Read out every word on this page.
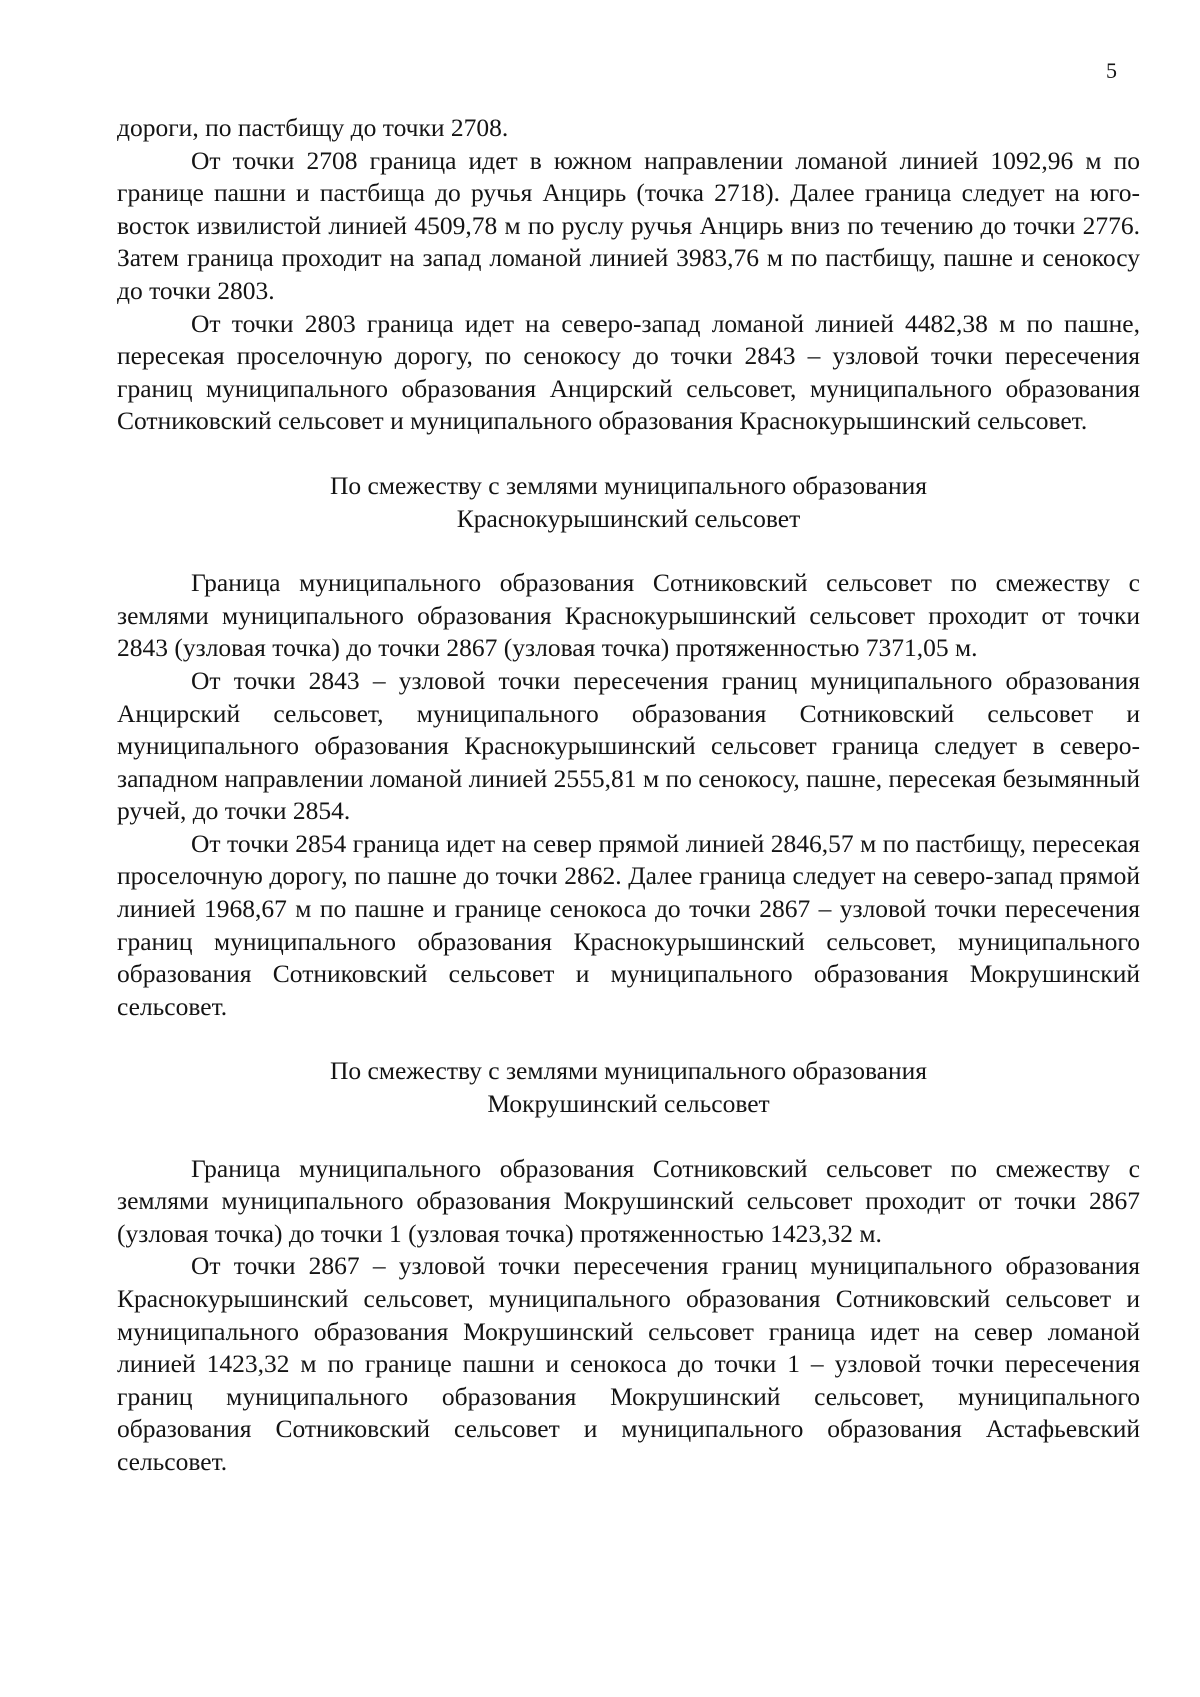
5

дороги, по пастбищу до точки 2708.

От точки 2708 граница идет в южном направлении ломаной линией 1092,96 м по границе пашни и пастбища до ручья Анцирь (точка 2718). Далее граница следует на юго-восток извилистой линией 4509,78 м по руслу ручья Анцирь вниз по течению до точки 2776. Затем граница проходит на запад ломаной линией 3983,76 м по пастбищу, пашне и сенокосу до точки 2803.

От точки 2803 граница идет на северо-запад ломаной линией 4482,38 м по пашне, пересекая проселочную дорогу, по сенокосу до точки 2843 – узловой точки пересечения границ муниципального образования Анцирский сельсовет, муниципального образования Сотниковский сельсовет и муниципального образования Краснокурышинский сельсовет.

По смежеству с землями муниципального образования
Краснокурышинский сельсовет

Граница муниципального образования Сотниковский сельсовет по смежеству с землями муниципального образования Краснокурышинский сельсовет проходит от точки 2843 (узловая точка) до точки 2867 (узловая точка) протяженностью 7371,05 м.

От точки 2843 – узловой точки пересечения границ муниципального образования Анцирский сельсовет, муниципального образования Сотниковский сельсовет и муниципального образования Краснокурышинский сельсовет граница следует в северо-западном направлении ломаной линией 2555,81 м по сенокосу, пашне, пересекая безымянный ручей, до точки 2854.

От точки 2854 граница идет на север прямой линией 2846,57 м по пастбищу, пересекая проселочную дорогу, по пашне до точки 2862. Далее граница следует на северо-запад прямой линией 1968,67 м по пашне и границе сенокоса до точки 2867 – узловой точки пересечения границ муниципального образования Краснокурышинский сельсовет, муниципального образования Сотниковский сельсовет и муниципального образования Мокрушинский сельсовет.

По смежеству с землями муниципального образования
Мокрушинский сельсовет

Граница муниципального образования Сотниковский сельсовет по смежеству с землями муниципального образования Мокрушинский сельсовет проходит от точки 2867 (узловая точка) до точки 1 (узловая точка) протяженностью 1423,32 м.

От точки 2867 – узловой точки пересечения границ муниципального образования Краснокурышинский сельсовет, муниципального образования Сотниковский сельсовет и муниципального образования Мокрушинский сельсовет граница идет на север ломаной линией 1423,32 м по границе пашни и сенокоса до точки 1 – узловой точки пересечения границ муниципального образования Мокрушинский сельсовет, муниципального образования Сотниковский сельсовет и муниципального образования Астафьевский сельсовет.
